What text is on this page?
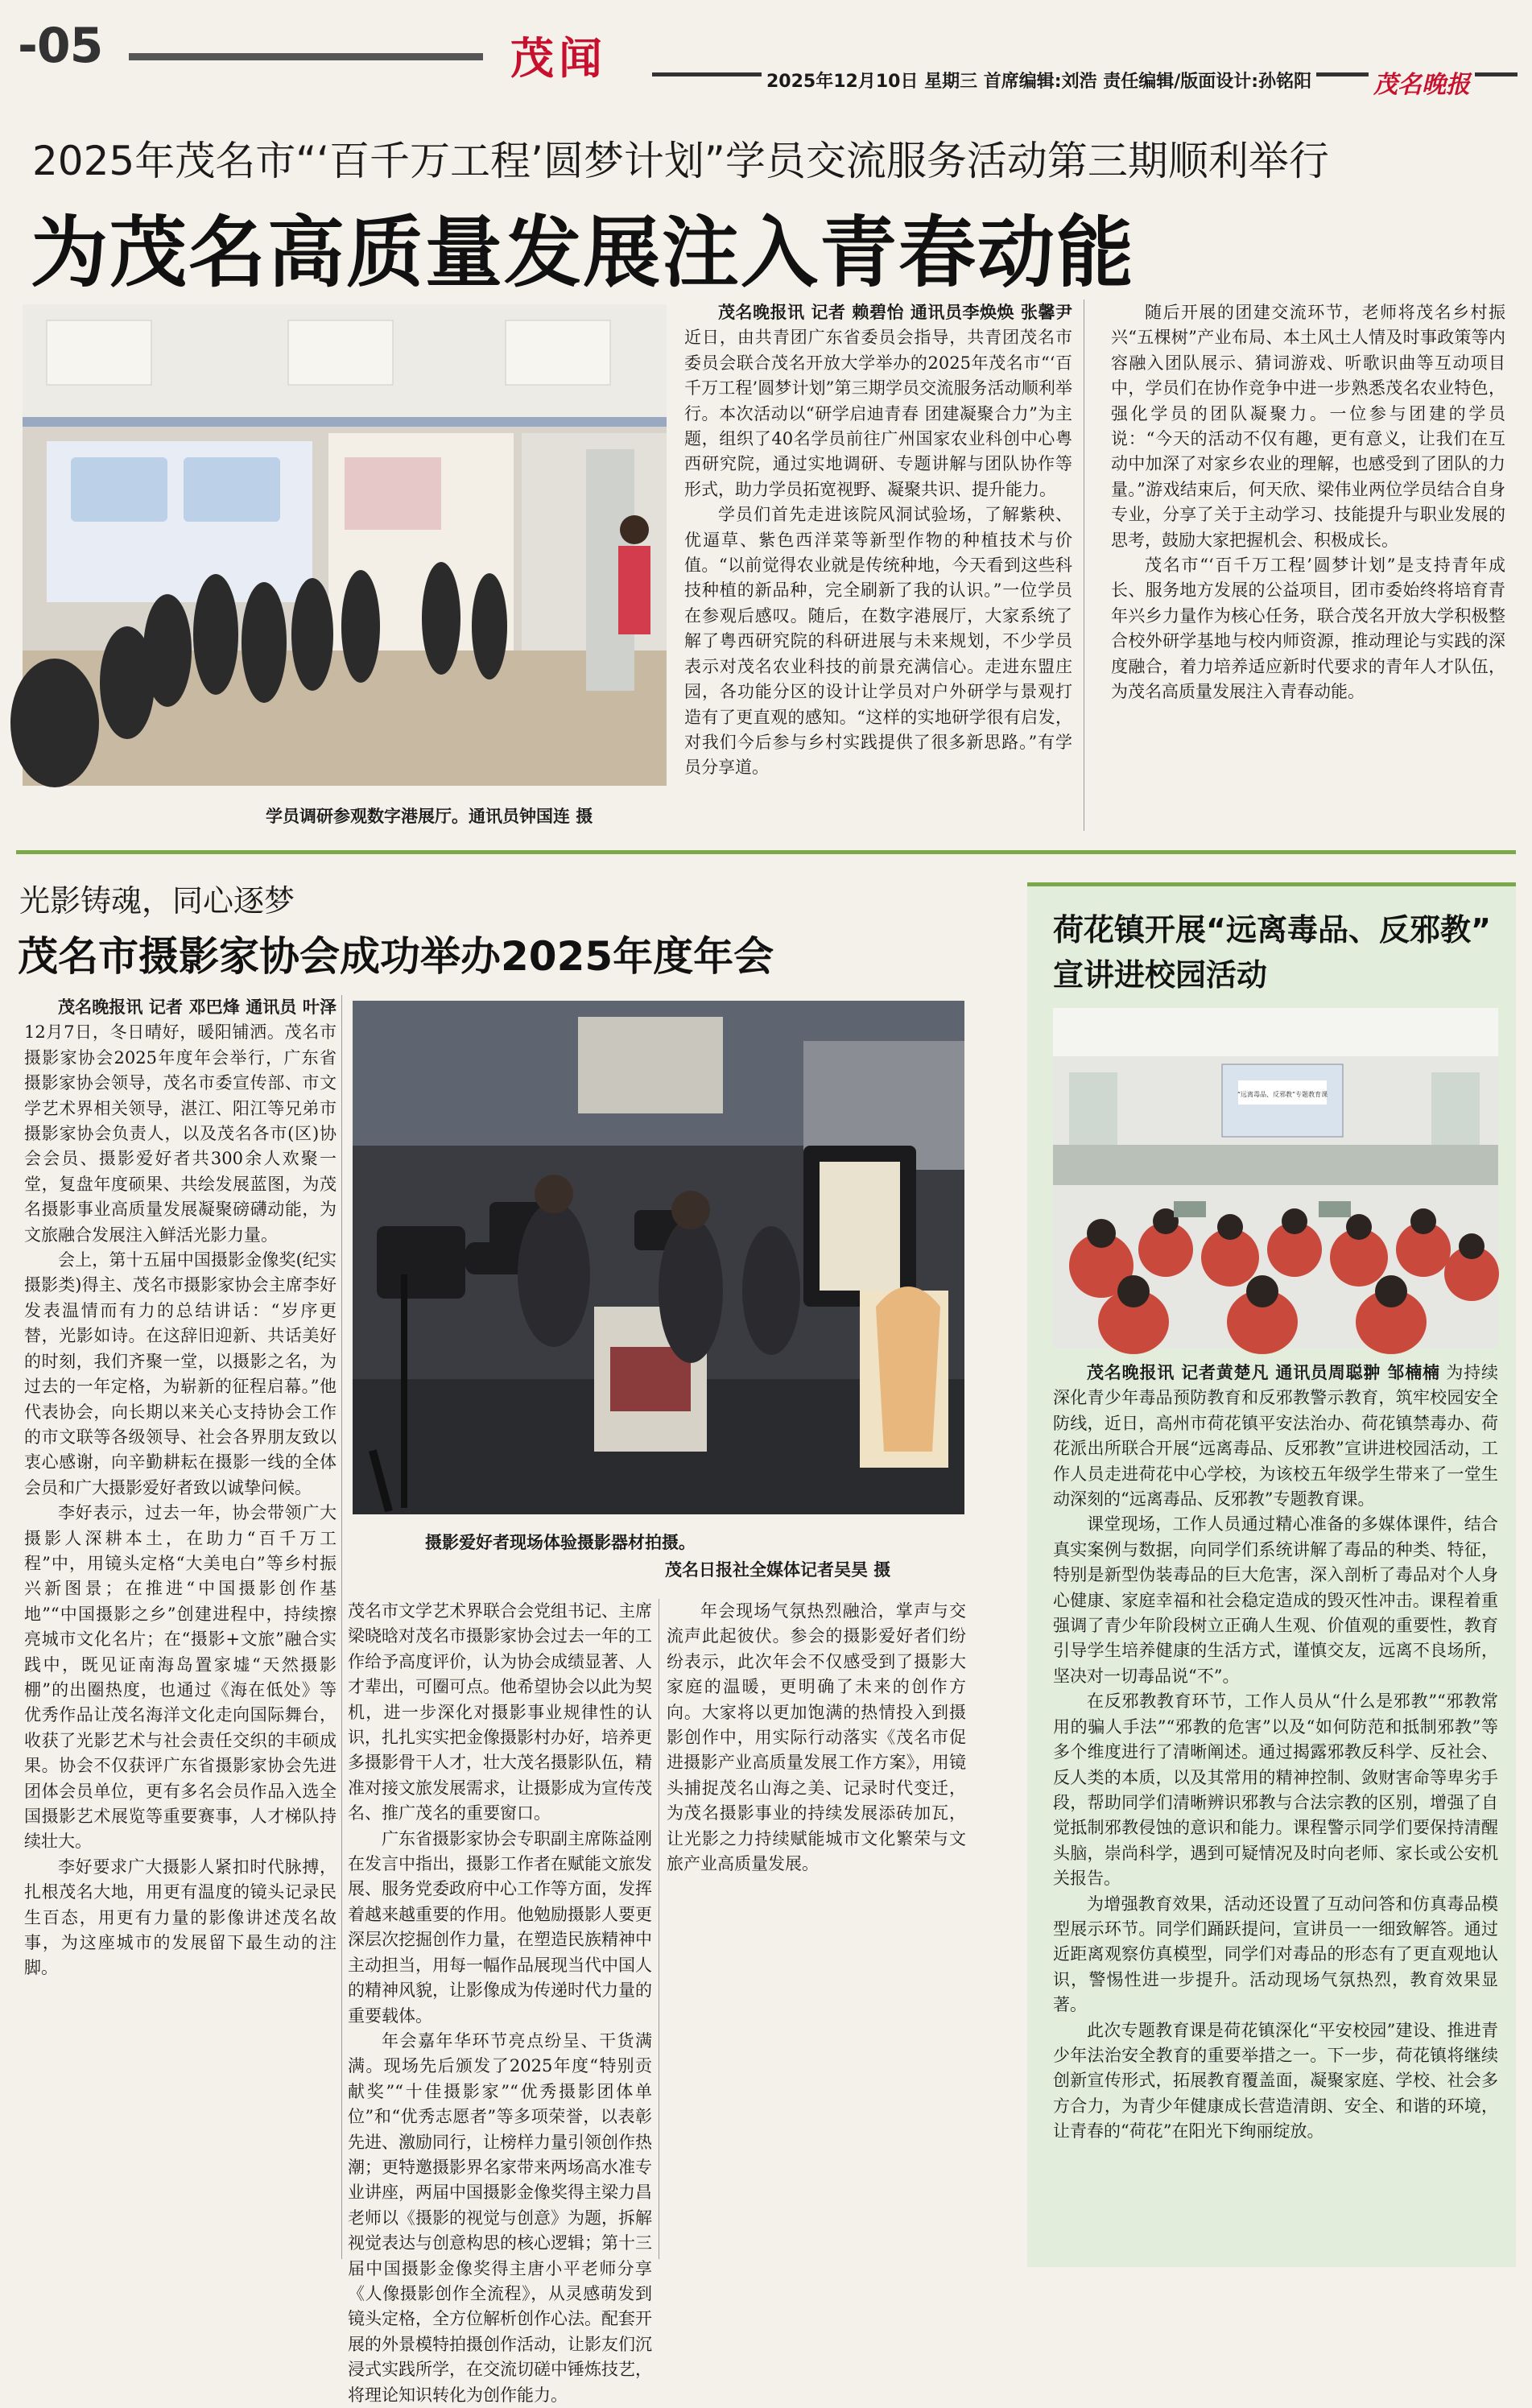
-05	茂闻	2025年12月10日 星期三 首席编辑:刘浩 责任编辑/版面设计:孙铭阳	茂名晚报
2025年茂名市“‘百千万工程’圆梦计划”学员交流服务活动第三期顺利举行
为茂名高质量发展注入青春动能
学员调研参观数字港展厅。通讯员钟国连 摄

茂名晚报讯 记者 赖碧怡 通讯员李焕焕 张馨尹 近日，由共青团广东省委员会指导，共青团茂名市委员会联合茂名开放大学举办的2025年茂名市“‘百千万工程’圆梦计划”第三期学员交流服务活动顺利举行。本次活动以“研学启迪青春 团建凝聚合力”为主题，组织了40名学员前往广州国家农业科创中心粤西研究院，通过实地调研、专题讲解与团队协作等形式，助力学员拓宽视野、凝聚共识、提升能力。

学员们首先走进该院风洞试验场，了解紫秧、优逼草、紫色西洋菜等新型作物的种植技术与价值。“以前觉得农业就是传统种地，今天看到这些科技种植的新品种，完全刷新了我的认识。”一位学员在参观后感叹。随后，在数字港展厅，大家系统了解了粤西研究院的科研进展与未来规划，不少学员表示对茂名农业科技的前景充满信心。走进东盟庄园，各功能分区的设计让学员对户外研学与景观打造有了更直观的感知。“这样的实地研学很有启发，对我们今后参与乡村实践提供了很多新思路。”有学员分享道。

随后开展的团建交流环节，老师将茂名乡村振兴“五棵树”产业布局、本土风土人情及时事政策等内容融入团队展示、猜词游戏、听歌识曲等互动项目中，学员们在协作竞争中进一步熟悉茂名农业特色，强化学员的团队凝聚力。一位参与团建的学员说：“今天的活动不仅有趣，更有意义，让我们在互动中加深了对家乡农业的理解，也感受到了团队的力量。”游戏结束后，何天欣、梁伟业两位学员结合自身专业，分享了关于主动学习、技能提升与职业发展的思考，鼓励大家把握机会、积极成长。

茂名市“‘百千万工程’圆梦计划”是支持青年成长、服务地方发展的公益项目，团市委始终将培育青年兴乡力量作为核心任务，联合茂名开放大学积极整合校外研学基地与校内师资源，推动理论与实践的深度融合，着力培养适应新时代要求的青年人才队伍，为茂名高质量发展注入青春动能。

光影铸魂，同心逐梦
茂名市摄影家协会成功举办2025年度年会
摄影爱好者现场体验摄影器材拍摄。
茂名日报社全媒体记者吴昊 摄

茂名晚报讯 记者 邓巴烽 通讯员 叶泽 12月7日，冬日晴好，暖阳铺洒。茂名市摄影家协会2025年度年会举行，广东省摄影家协会领导，茂名市委宣传部、市文学艺术界相关领导，湛江、阳江等兄弟市摄影家协会负责人，以及茂名各市(区)协会会员、摄影爱好者共300余人欢聚一堂，复盘年度硕果、共绘发展蓝图，为茂名摄影事业高质量发展凝聚磅礴动能，为文旅融合发展注入鲜活光影力量。

会上，第十五届中国摄影金像奖(纪实摄影类)得主、茂名市摄影家协会主席李好发表温情而有力的总结讲话：“岁序更替，光影如诗。在这辞旧迎新、共话美好的时刻，我们齐聚一堂，以摄影之名，为过去的一年定格，为崭新的征程启幕。”他代表协会，向长期以来关心支持协会工作的市文联等各级领导、社会各界朋友致以衷心感谢，向辛勤耕耘在摄影一线的全体会员和广大摄影爱好者致以诚挚问候。

李好表示，过去一年，协会带领广大摄影人深耕本土，在助力“百千万工程”中，用镜头定格“大美电白”等乡村振兴新图景；在推进“中国摄影创作基地”“中国摄影之乡”创建进程中，持续擦亮城市文化名片；在“摄影+文旅”融合实践中，既见证南海岛置家墟“天然摄影棚”的出圈热度，也通过《海在低处》等优秀作品让茂名海洋文化走向国际舞台，收获了光影艺术与社会责任交织的丰硕成果。协会不仅获评广东省摄影家协会先进团体会员单位，更有多名会员作品入选全国摄影艺术展览等重要赛事，人才梯队持续壮大。

李好要求广大摄影人紧扣时代脉搏，扎根茂名大地，用更有温度的镜头记录民生百态，用更有力量的影像讲述茂名故事，为这座城市的发展留下最生动的注脚。

茂名市文学艺术界联合会党组书记、主席梁晓晗对茂名市摄影家协会过去一年的工作给予高度评价，认为协会成绩显著、人才辈出，可圈可点。他希望协会以此为契机，进一步深化对摄影事业规律性的认识，扎扎实实把金像摄影村办好，培养更多摄影骨干人才，壮大茂名摄影队伍，精准对接文旅发展需求，让摄影成为宣传茂名、推广茂名的重要窗口。

广东省摄影家协会专职副主席陈益刚在发言中指出，摄影工作者在赋能文旅发展、服务党委政府中心工作等方面，发挥着越来越重要的作用。他勉励摄影人要更深层次挖掘创作力量，在塑造民族精神中主动担当，用每一幅作品展现当代中国人的精神风貌，让影像成为传递时代力量的重要载体。

年会嘉年华环节亮点纷呈、干货满满。现场先后颁发了2025年度“特别贡献奖”“十佳摄影家”“优秀摄影团体单位”和“优秀志愿者”等多项荣誉，以表彰先进、激励同行，让榜样力量引领创作热潮；更特邀摄影界名家带来两场高水准专业讲座，两届中国摄影金像奖得主梁力昌老师以《摄影的视觉与创意》为题，拆解视觉表达与创意构思的核心逻辑；第十三届中国摄影金像奖得主唐小平老师分享《人像摄影创作全流程》，从灵感萌发到镜头定格，全方位解析创作心法。配套开展的外景模特拍摄创作活动，让影友们沉浸式实践所学，在交流切磋中锤炼技艺，将理论知识转化为创作能力。

年会现场气氛热烈融洽，掌声与交流声此起彼伏。参会的摄影爱好者们纷纷表示，此次年会不仅感受到了摄影大家庭的温暖，更明确了未来的创作方向。大家将以更加饱满的热情投入到摄影创作中，用实际行动落实《茂名市促进摄影产业高质量发展工作方案》，用镜头捕捉茂名山海之美、记录时代变迁，为茂名摄影事业的持续发展添砖加瓦，让光影之力持续赋能城市文化繁荣与文旅产业高质量发展。

荷花镇开展“远离毒品、反邪教”
宣讲进校园活动
“远离毒品、反邪教”专题教育课

茂名晚报讯 记者黄楚凡 通讯员周聪翀 邹楠楠 为持续深化青少年毒品预防教育和反邪教警示教育，筑牢校园安全防线，近日，高州市荷花镇平安法治办、荷花镇禁毒办、荷花派出所联合开展“远离毒品、反邪教”宣讲进校园活动，工作人员走进荷花中心学校，为该校五年级学生带来了一堂生动深刻的“远离毒品、反邪教”专题教育课。

课堂现场，工作人员通过精心准备的多媒体课件，结合真实案例与数据，向同学们系统讲解了毒品的种类、特征，特别是新型伪装毒品的巨大危害，深入剖析了毒品对个人身心健康、家庭幸福和社会稳定造成的毁灭性冲击。课程着重强调了青少年阶段树立正确人生观、价值观的重要性，教育引导学生培养健康的生活方式，谨慎交友，远离不良场所，坚决对一切毒品说“不”。

在反邪教教育环节，工作人员从“什么是邪教”“邪教常用的骗人手法”“邪教的危害”以及“如何防范和抵制邪教”等多个维度进行了清晰阐述。通过揭露邪教反科学、反社会、反人类的本质，以及其常用的精神控制、敛财害命等卑劣手段，帮助同学们清晰辨识邪教与合法宗教的区别，增强了自觉抵制邪教侵蚀的意识和能力。课程警示同学们要保持清醒头脑，崇尚科学，遇到可疑情况及时向老师、家长或公安机关报告。

为增强教育效果，活动还设置了互动问答和仿真毒品模型展示环节。同学们踊跃提问，宣讲员一一细致解答。通过近距离观察仿真模型，同学们对毒品的形态有了更直观地认识，警惕性进一步提升。活动现场气氛热烈，教育效果显著。

此次专题教育课是荷花镇深化“平安校园”建设、推进青少年法治安全教育的重要举措之一。下一步，荷花镇将继续创新宣传形式，拓展教育覆盖面，凝聚家庭、学校、社会多方合力，为青少年健康成长营造清朗、安全、和谐的环境，让青春的“荷花”在阳光下绚丽绽放。
